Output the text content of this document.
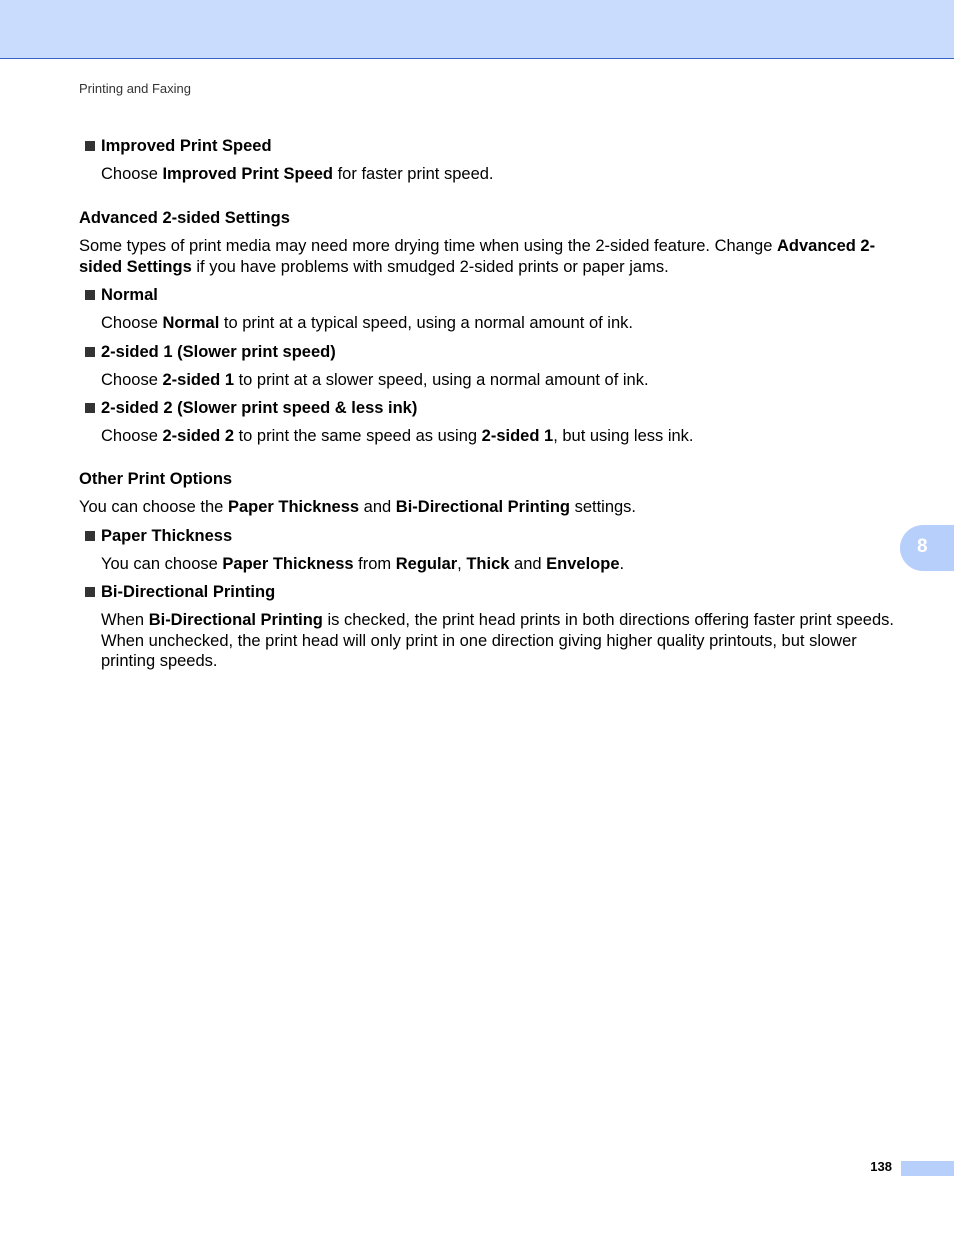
Printing and Faxing
Improved Print Speed
Choose Improved Print Speed for faster print speed.
Advanced 2-sided Settings
Some types of print media may need more drying time when using the 2-sided feature. Change Advanced 2-sided Settings if you have problems with smudged 2-sided prints or paper jams.
Normal
Choose Normal to print at a typical speed, using a normal amount of ink.
2-sided 1 (Slower print speed)
Choose 2-sided 1 to print at a slower speed, using a normal amount of ink.
2-sided 2 (Slower print speed & less ink)
Choose 2-sided 2 to print the same speed as using 2-sided 1, but using less ink.
Other Print Options
You can choose the Paper Thickness and Bi-Directional Printing settings.
Paper Thickness
You can choose Paper Thickness from Regular, Thick and Envelope.
Bi-Directional Printing
When Bi-Directional Printing is checked, the print head prints in both directions offering faster print speeds. When unchecked, the print head will only print in one direction giving higher quality printouts, but slower printing speeds.
8
138
